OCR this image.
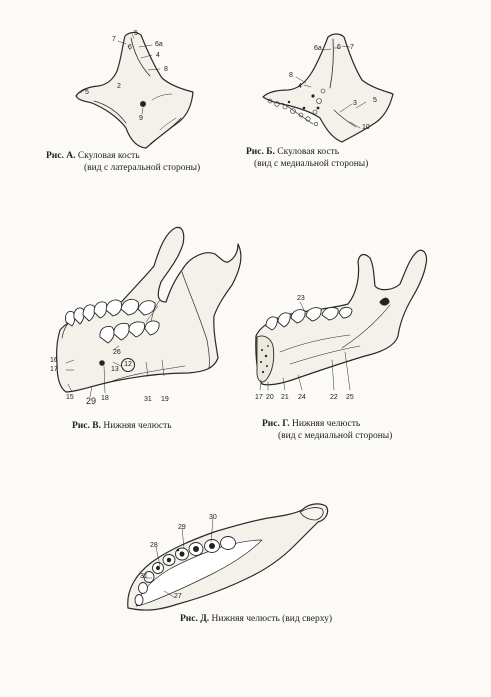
7
6
5
6a
4
8
5
2
9
6a 6 7
8
4
3 5
10
16
17
26
12
13
15 29 18	31 19
23
17 20 21 24	22 25
29
30
28
31
27
Рис. А. Скуловая кость
(вид с латеральной стороны)
Рис. Б. Скуловая кость
(вид с медиальной стороны)
Рис. В. Нижняя челюсть	Рис. Г. Нижняя челюсть
(вид с медиальной стороны)
Рис. Д. Нижняя челюсть (вид сверху)
